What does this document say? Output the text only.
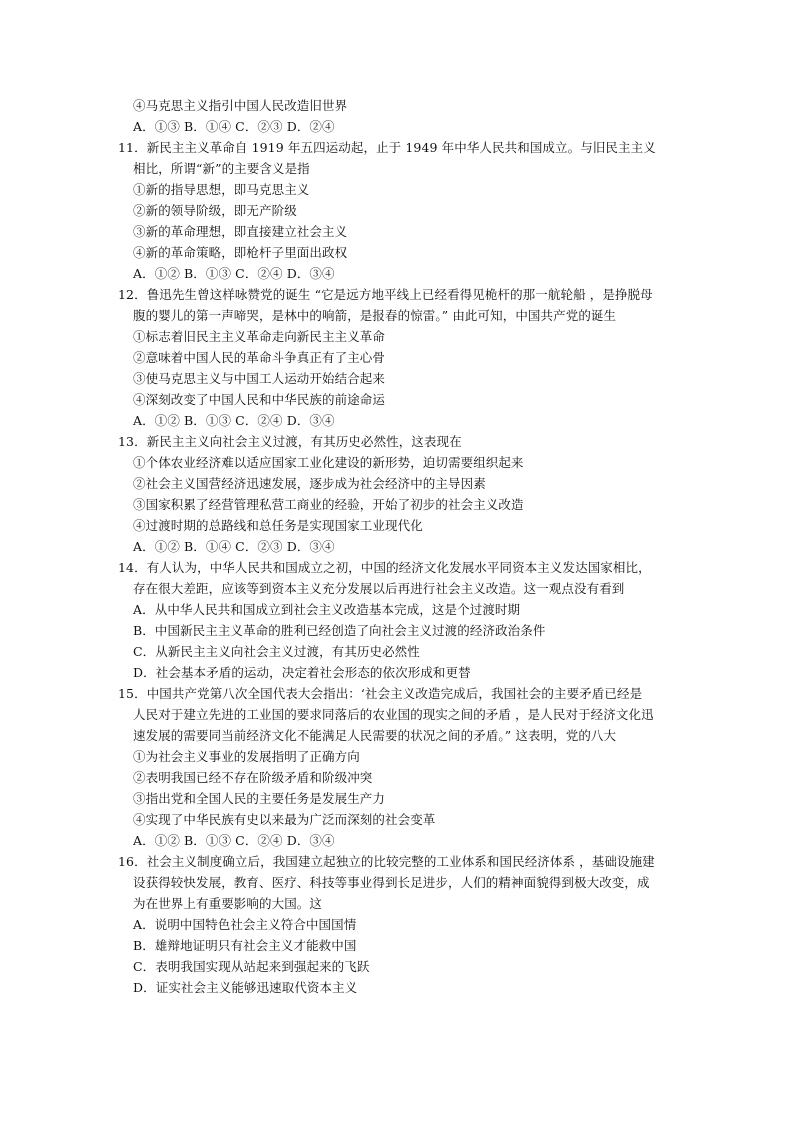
④马克思主义指引中国人民改造旧世界
A．①③ B．①④ C．②③ D．②④
11．新民主主义革命自 1919 年五四运动起，止于 1949 年中华人民共和国成立。与旧民主主义
相比，所谓“新”的主要含义是指
①新的指导思想，即马克思主义
②新的领导阶级，即无产阶级
③新的革命理想，即直接建立社会主义
④新的革命策略，即枪杆子里面出政权
A．①② B．①③ C．②④ D．③④
12．鲁迅先生曾这样咏赞党的诞生 “它是远方地平线上已经看得见桅杆的那一航轮船 ，是挣脱母
腹的婴儿的第一声啼哭，是林中的响箭，是报春的惊雷。” 由此可知，中国共产党的诞生
①标志着旧民主主义革命走向新民主主义革命
②意味着中国人民的革命斗争真正有了主心骨
③使马克思主义与中国工人运动开始结合起来
④深刻改变了中国人民和中华民族的前途命运
A．①② B．①③ C．②④ D．③④
13．新民主主义向社会主义过渡，有其历史必然性，这表现在
①个体农业经济难以适应国家工业化建设的新形势，迫切需要组织起来
②社会主义国营经济迅速发展，逐步成为社会经济中的主导因素
③国家积累了经营管理私营工商业的经验，开始了初步的社会主义改造
④过渡时期的总路线和总任务是实现国家工业现代化
A．①② B．①④ C．②③ D．③④
14．有人认为，中华人民共和国成立之初，中国的经济文化发展水平同资本主义发达国家相比，
存在很大差距，应该等到资本主义充分发展以后再进行社会主义改造。这一观点没有看到
A．从中华人民共和国成立到社会主义改造基本完成，这是个过渡时期
B．中国新民主主义革命的胜利已经创造了向社会主义过渡的经济政治条件
C．从新民主主义向社会主义过渡，有其历史必然性
D．社会基本矛盾的运动，决定着社会形态的依次形成和更替
15．中国共产党第八次全国代表大会指出：‘社会主义改造完成后，我国社会的主要矛盾已经是
人民对于建立先进的工业国的要求同落后的农业国的现实之间的矛盾 ，是人民对于经济文化迅
速发展的需要同当前经济文化不能满足人民需要的状况之间的矛盾。” 这表明，党的八大
①为社会主义事业的发展指明了正确方向
②表明我国已经不存在阶级矛盾和阶级冲突
③指出党和全国人民的主要任务是发展生产力
④实现了中华民族有史以来最为广泛而深刻的社会变革
A．①② B．①③ C．②④ D．③④
16．社会主义制度确立后，我国建立起独立的比较完整的工业体系和国民经济体系 ，基础设施建
设获得较快发展，教育、医疗、科技等事业得到长足进步，人们的精神面貌得到极大改变，成
为在世界上有重要影响的大国。这
A．说明中国特色社会主义符合中国国情
B．雄辩地证明只有社会主义才能救中国
C．表明我国实现从站起来到强起来的飞跃
D．证实社会主义能够迅速取代资本主义
